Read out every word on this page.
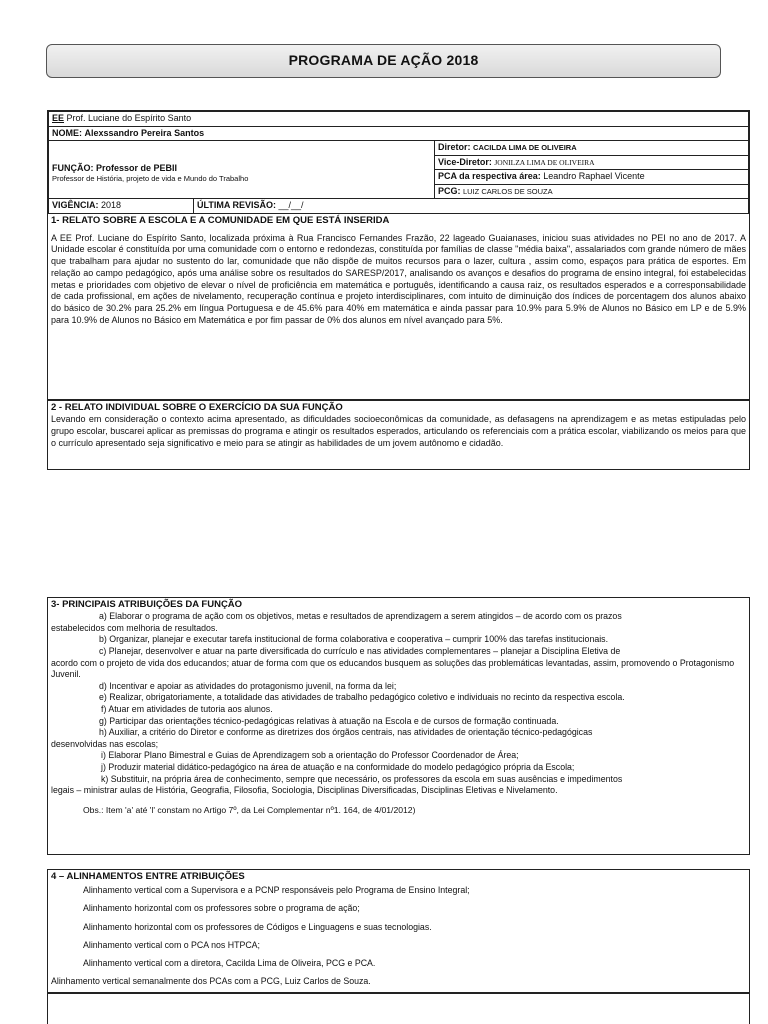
PROGRAMA DE AÇÃO 2018
EE Prof. Luciane do Espírito Santo		
NOME: Alexssandro Pereira Santos		

FUNÇÃO: Professor de PEBII
Professor de História, projeto de vida e Mundo do Trabalho		Diretor: CACILDA LIMA DE OLIVEIRA
		Vice-Diretor: JONILZA LIMA DE OLIVEIRA
		PCA da respectiva área: Leandro Raphael Vicente
		PCG: LUIZ CARLOS DE SOUZA
VIGÊNCIA: 2018	ÚLTIMA REVISÃO: __/__/	
1- RELATO SOBRE A ESCOLA E A COMUNIDADE EM QUE ESTÁ INSERIDA
A EE Prof. Luciane do Espírito Santo, localizada próxima à Rua Francisco Fernandes Frazão, 22 lageado Guaianases, iniciou suas atividades no PEI no ano de 2017. A Unidade escolar é constituída por uma comunidade com o entorno e redondezas, constituída por famílias de classe "média baixa", assalariados com grande número de mães que trabalham para ajudar no sustento do lar, comunidade que não dispõe de muitos recursos para o lazer, cultura , assim como, espaços para prática de esportes. Em relação ao campo pedagógico, após uma análise sobre os resultados do SARESP/2017, analisando os avanços e desafios do programa de ensino integral, foi estabelecidas metas e prioridades com objetivo de elevar o nível de proficiência em matemática e português, identificando a causa raiz, os resultados esperados e a corresponsabilidade de cada profissional, em ações de nivelamento, recuperação contínua e projeto interdisciplinares, com intuito de diminuição dos índices de porcentagem dos alunos abaixo do básico de 30.2% para 25.2% em língua Portuguesa e de 45.6% para 40% em matemática e ainda passar para 10.9% para 5.9% de Alunos no Básico em LP e de 5.9% para 10.9% de Alunos no Básico em Matemática e por fim passar de 0% dos alunos em nível avançado para 5%.
2 - RELATO INDIVIDUAL SOBRE O EXERCÍCIO DA SUA FUNÇÃO
Levando em consideração o contexto acima apresentado, as dificuldades socioeconômicas da comunidade, as defasagens na aprendizagem e as metas estipuladas pelo grupo escolar, buscarei aplicar as premissas do programa e atingir os resultados esperados, articulando os referenciais com a prática escolar, viabilizando os meios para que o currículo apresentado seja significativo e meio para se atingir as habilidades de um jovem autônomo e cidadão.
3- PRINCIPAIS ATRIBUIÇÕES DA FUNÇÃO
a) Elaborar o programa de ação com os objetivos, metas e resultados de aprendizagem a serem atingidos – de acordo com os prazos
estabelecidos com melhoria de resultados.
b) Organizar, planejar e executar tarefa institucional de forma colaborativa e cooperativa – cumprir 100% das tarefas institucionais.
c) Planejar, desenvolver e atuar na parte diversificada do currículo e nas atividades complementares – planejar a Disciplina Eletiva de
acordo com o projeto de vida dos educandos; atuar de forma com que os educandos busquem as soluções das problemáticas levantadas, assim, promovendo o Protagonismo Juvenil.
d) Incentivar e apoiar as atividades do protagonismo juvenil, na forma da lei;
e) Realizar, obrigatoriamente, a totalidade das atividades de trabalho pedagógico coletivo e individuais no recinto da respectiva escola.
f) Atuar em atividades de tutoria aos alunos.
g) Participar das orientações técnico-pedagógicas relativas à atuação na Escola e de cursos de formação continuada.
h) Auxiliar, a critério do Diretor e conforme as diretrizes dos órgãos centrais, nas atividades de orientação técnico-pedagógicas
desenvolvidas nas escolas;
i) Elaborar Plano Bimestral e Guias de Aprendizagem sob a orientação do Professor Coordenador de Área;
j) Produzir material didático-pedagógico na área de atuação e na conformidade do modelo pedagógico própria da Escola;
k) Substituir, na própria área de conhecimento, sempre que necessário, os professores da escola em suas ausências e impedimentos
legais – ministrar aulas de História, Geografia, Filosofia, Sociologia, Disciplinas Diversificadas, Disciplinas Eletivas e Nivelamento.
Obs.: Item 'a' até 'l' constam no Artigo 7º, da Lei Complementar nº1. 164, de 4/01/2012)
4 – ALINHAMENTOS ENTRE ATRIBUIÇÕES
Alinhamento vertical com a Supervisora e a PCNP responsáveis pelo Programa de Ensino Integral;
Alinhamento horizontal com os professores sobre o programa de ação;
Alinhamento horizontal com os professores de Códigos e Linguagens e suas tecnologias.
Alinhamento vertical com o PCA nos HTPCA;
Alinhamento vertical com a diretora, Cacilda Lima de Oliveira, PCG e PCA.
Alinhamento vertical semanalmente dos PCAs com a PCG, Luiz Carlos de Souza.
